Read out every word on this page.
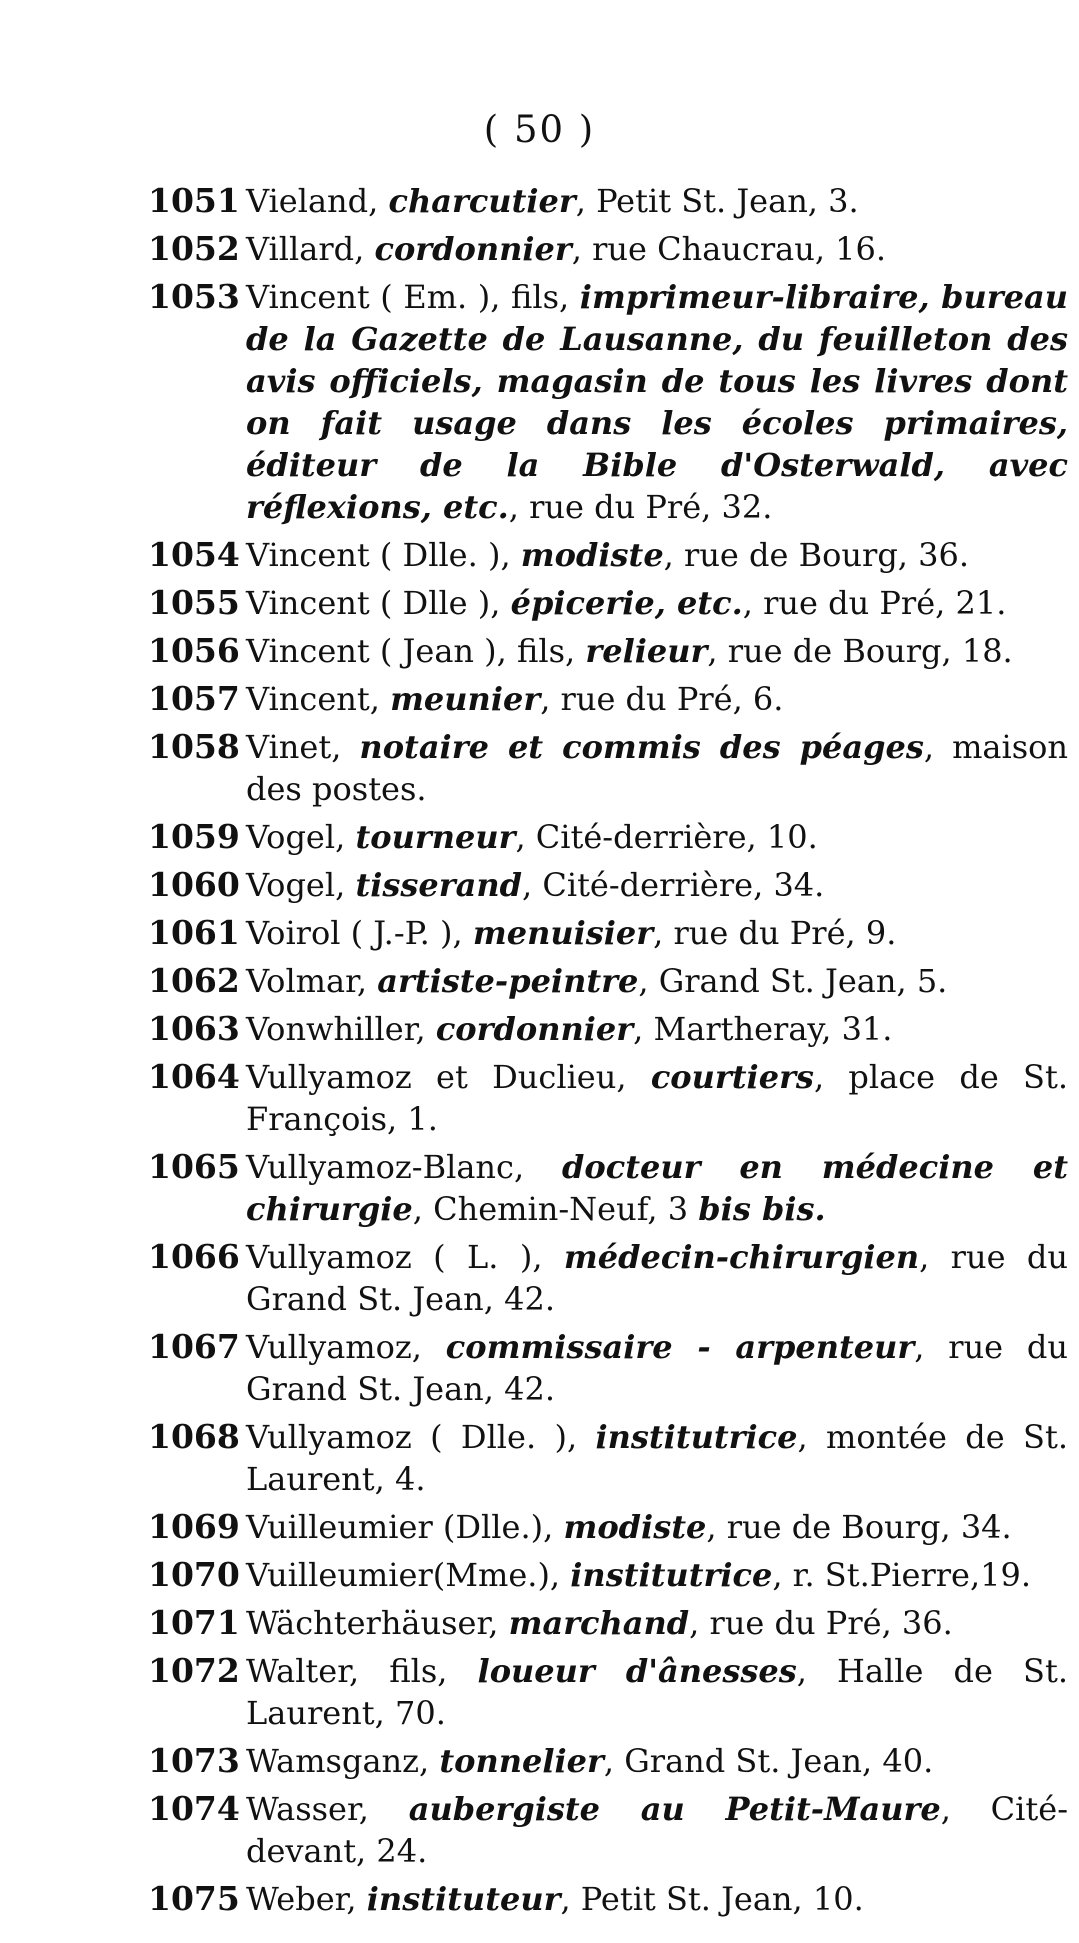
( 50 )
1051 Vieland, charcutier, Petit St. Jean, 3.
1052 Villard, cordonnier, rue Chaucrau, 16.
1053 Vincent ( Em. ), fils, imprimeur-libraire, bureau de la Gazette de Lausanne, du feuilleton des avis officiels, magasin de tous les livres dont on fait usage dans les écoles primaires, éditeur de la Bible d'Osterwald, avec réflexions, etc., rue du Pré, 32.
1054 Vincent ( Dlle. ), modiste, rue de Bourg, 36.
1055 Vincent ( Dlle ), épicerie, etc., rue du Pré, 21.
1056 Vincent ( Jean ), fils, relieur, rue de Bourg, 18.
1057 Vincent, meunier, rue du Pré, 6.
1058 Vinet, notaire et commis des péages, maison des postes.
1059 Vogel, tourneur, Cité-derrière, 10.
1060 Vogel, tisserand, Cité-derrière, 34.
1061 Voirol ( J.-P. ), menuisier, rue du Pré, 9.
1062 Volmar, artiste-peintre, Grand St. Jean, 5.
1063 Vonwhiller, cordonnier, Martheray, 31.
1064 Vullyamoz et Duclieu, courtiers, place de St. François, 1.
1065 Vullyamoz-Blanc, docteur en médecine et chirurgie, Chemin-Neuf, 3 bis bis.
1066 Vullyamoz ( L. ), médecin-chirurgien, rue du Grand St. Jean, 42.
1067 Vullyamoz, commissaire - arpenteur, rue du Grand St. Jean, 42.
1068 Vullyamoz ( Dlle. ), institutrice, montée de St. Laurent, 4.
1069 Vuilleumier (Dlle.), modiste, rue de Bourg, 34.
1070 Vuilleumier(Mme.), institutrice, r. St.Pierre,19.
1071 Wächterhäuser, marchand, rue du Pré, 36.
1072 Walter, fils, loueur d'ânesses, Halle de St. Laurent, 70.
1073 Wamsganz, tonnelier, Grand St. Jean, 40.
1074 Wasser, aubergiste au Petit-Maure, Cité-devant, 24.
1075 Weber, instituteur, Petit St. Jean, 10.
